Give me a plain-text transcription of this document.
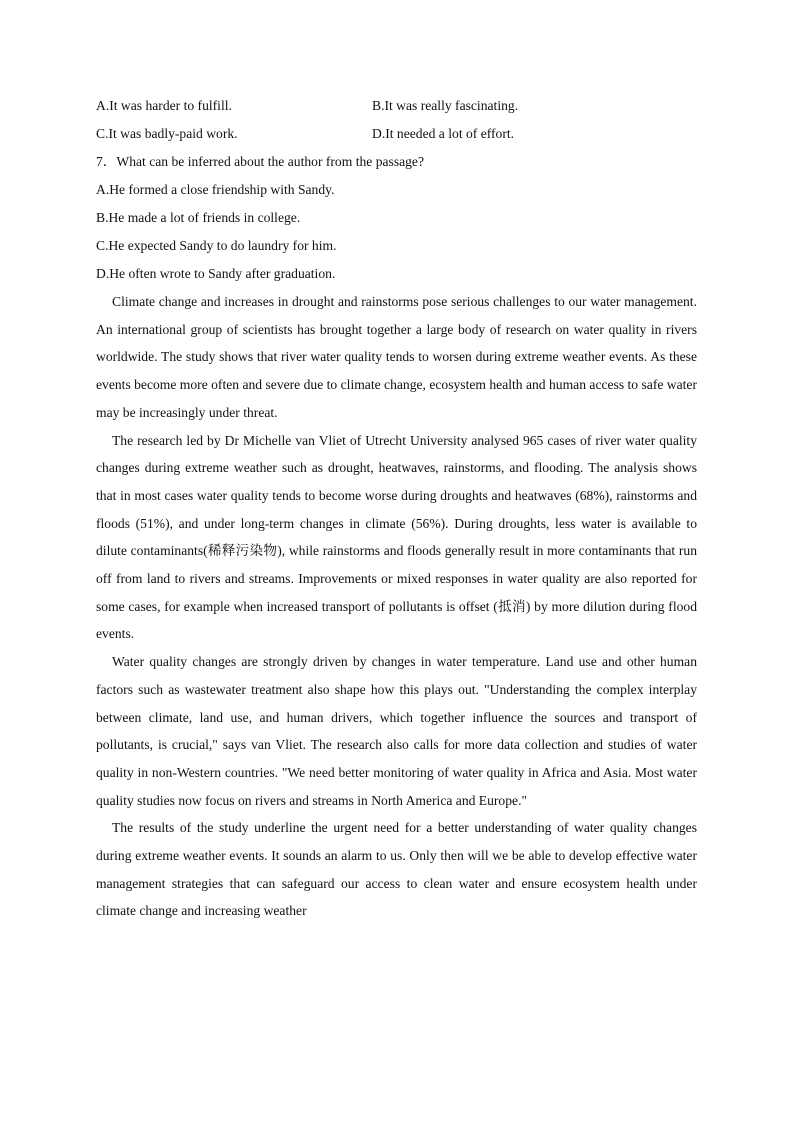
A.It was harder to fulfill.	B.It was really fascinating.
C.It was badly-paid work.	D.It needed a lot of effort.
7．What can be inferred about the author from the passage?
A.He formed a close friendship with Sandy.
B.He made a lot of friends in college.
C.He expected Sandy to do laundry for him.
D.He often wrote to Sandy after graduation.

Climate change and increases in drought and rainstorms pose serious challenges to our water management. An international group of scientists has brought together a large body of research on water quality in rivers worldwide. The study shows that river water quality tends to worsen during extreme weather events. As these events become more often and severe due to climate change, ecosystem health and human access to safe water may be increasingly under threat.

The research led by Dr Michelle van Vliet of Utrecht University analysed 965 cases of river water quality changes during extreme weather such as drought, heatwaves, rainstorms, and flooding. The analysis shows that in most cases water quality tends to become worse during droughts and heatwaves (68%), rainstorms and floods (51%), and under long-term changes in climate (56%). During droughts, less water is available to dilute contaminants(稀释污染物), while rainstorms and floods generally result in more contaminants that run off from land to rivers and streams. Improvements or mixed responses in water quality are also reported for some cases, for example when increased transport of pollutants is offset (抵消) by more dilution during flood events.

Water quality changes are strongly driven by changes in water temperature. Land use and other human factors such as wastewater treatment also shape how this plays out. "Understanding the complex interplay between climate, land use, and human drivers, which together influence the sources and transport of pollutants, is crucial," says van Vliet. The research also calls for more data collection and studies of water quality in non-Western countries. "We need better monitoring of water quality in Africa and Asia. Most water quality studies now focus on rivers and streams in North America and Europe."

The results of the study underline the urgent need for a better understanding of water quality changes during extreme weather events. It sounds an alarm to us. Only then will we be able to develop effective water management strategies that can safeguard our access to clean water and ensure ecosystem health under climate change and increasing weather
